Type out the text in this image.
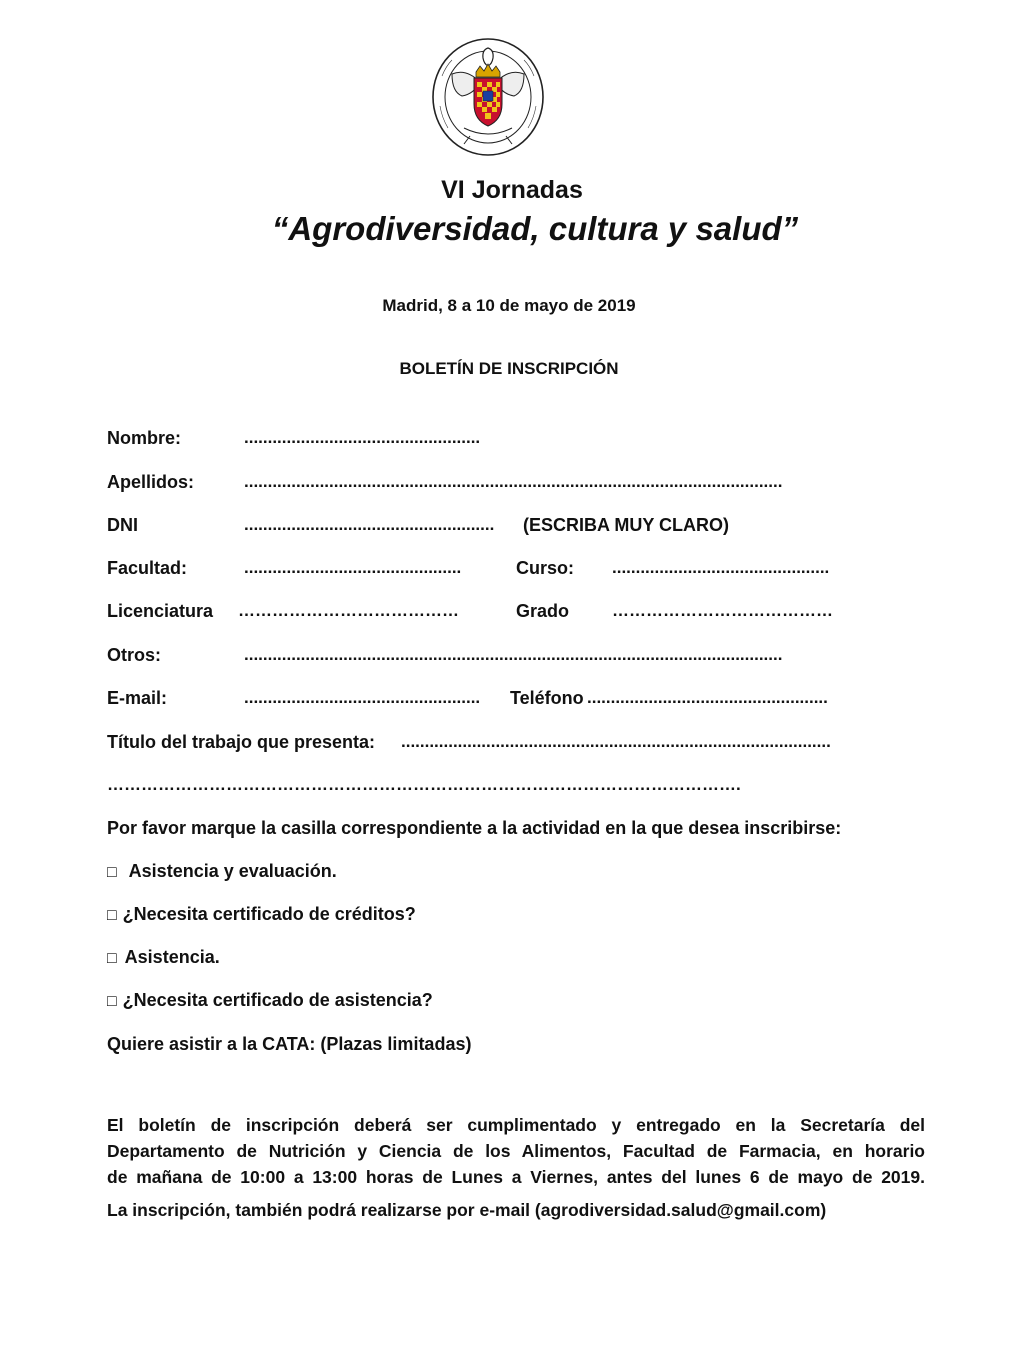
VI Jornadas
“Agrodiversidad, cultura y salud”
Madrid, 8 a 10 de mayo de 2019
BOLETÍN DE INSCRIPCIÓN
Nombre:	..................................................
Apellidos:	..................................................................................................................
DNI	..................................................... (ESCRIBA MUY CLARO)
Facultad:	..............................................	Curso: ..............................................
Licenciatura …………………………………	Grado	…………………………………
Otros:	..................................................................................................................
E-mail:	.................................................. Teléfono ...................................................
Título del trabajo que presenta: ...........................................................................................
………………………………………………………………………………………………….
Por favor marque la casilla correspondiente a la actividad en la que desea inscribirse:
□ Asistencia y evaluación.
□ ¿Necesita certificado de créditos?
□ Asistencia.
□ ¿Necesita certificado de asistencia?
Quiere asistir a la CATA: (Plazas limitadas)
El boletín de inscripción deberá ser cumplimentado y entregado en la Secretaría del
Departamento de Nutrición y Ciencia de los Alimentos, Facultad de Farmacia, en horario
de mañana de 10:00 a 13:00 horas de Lunes a Viernes, antes del lunes 6 de mayo de 2019.
La inscripción, también podrá realizarse por e-mail (agrodiversidad.salud@gmail.com)
